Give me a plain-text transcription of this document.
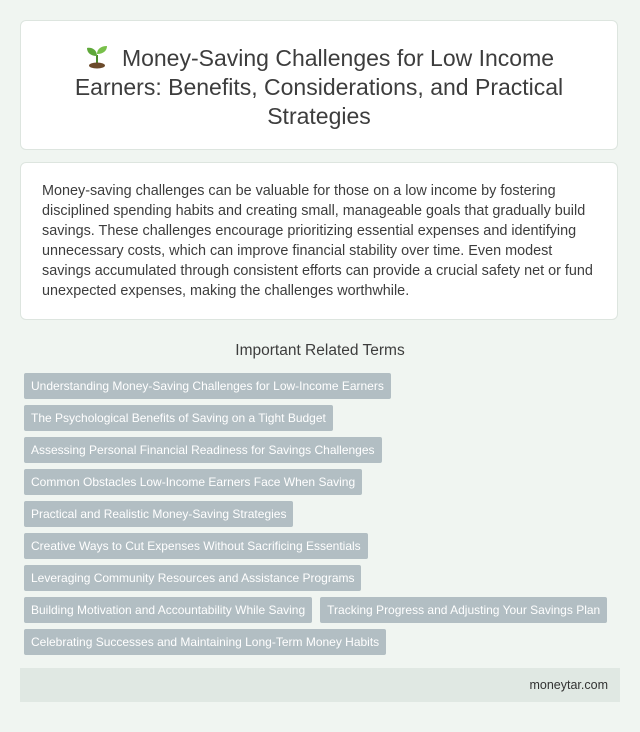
Money-Saving Challenges for Low Income Earners: Benefits, Considerations, and Practical Strategies

Money-saving challenges can be valuable for those on a low income by fostering disciplined spending habits and creating small, manageable goals that gradually build savings. These challenges encourage prioritizing essential expenses and identifying unnecessary costs, which can improve financial stability over time. Even modest savings accumulated through consistent efforts can provide a crucial safety net or fund unexpected expenses, making the challenges worthwhile.

Important Related Terms
Understanding Money-Saving Challenges for Low-Income Earners
The Psychological Benefits of Saving on a Tight Budget
Assessing Personal Financial Readiness for Savings Challenges
Common Obstacles Low-Income Earners Face When Saving
Practical and Realistic Money-Saving Strategies
Creative Ways to Cut Expenses Without Sacrificing Essentials
Leveraging Community Resources and Assistance Programs
Building Motivation and Accountability While Saving	Tracking Progress and Adjusting Your Savings Plan
Celebrating Successes and Maintaining Long-Term Money Habits
moneytar.com
